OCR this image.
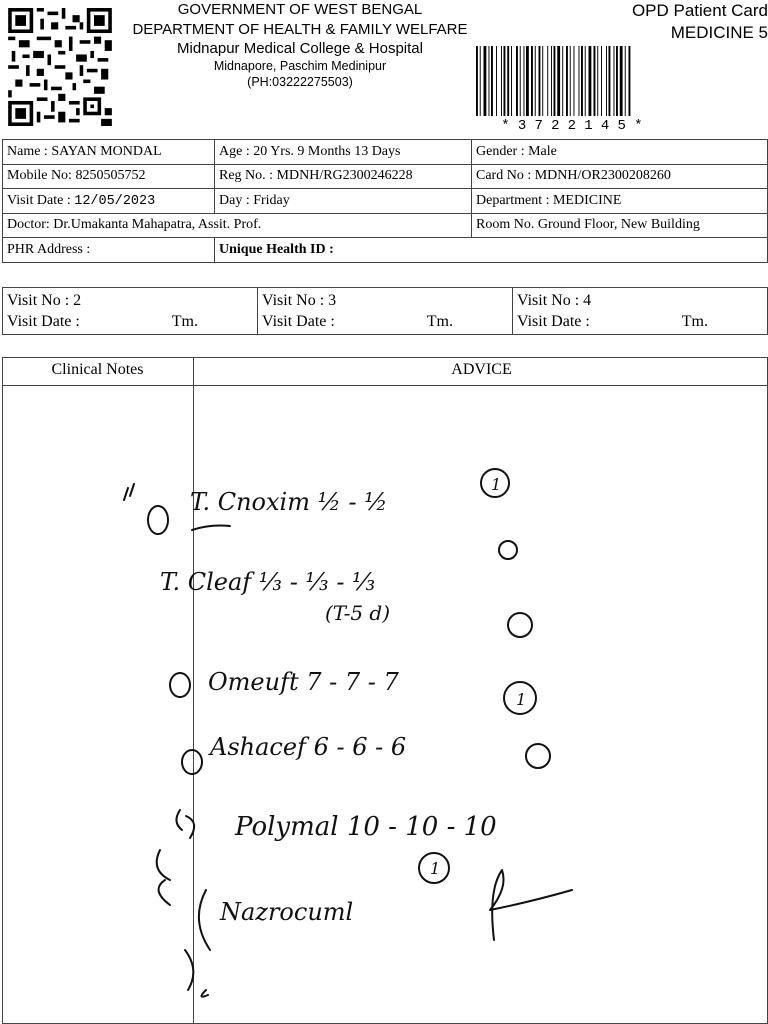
GOVERNMENT OF WEST BENGAL
DEPARTMENT OF HEALTH & FAMILY WELFARE
Midnapur Medical College & Hospital
Midnapore, Paschim Medinipur
(PH:03222275503)
OPD Patient Card
MEDICINE 5
*3722145*
Name : SAYAN MONDAL	Age : 20 Yrs. 9 Months 13 Days	Gender : Male
Mobile No: 8250505752	Reg No. : MDNH/RG2300246228	Card No : MDNH/OR2300208260
Visit Date : 12/05/2023	Day : Friday	Department : MEDICINE
Doctor: Dr.Umakanta Mahapatra, Assit. Prof.		Room No. Ground Floor, New Building
PHR Address :	Unique Health ID :	
Visit No : 2
Visit Date :	Tm.

Visit No : 3
Visit Date :	Tm.

Visit No : 4
Visit Date :	Tm.
Clinical Notes	ADVICE
T. Cnoxim ½ - ½
1
T. Cleaf ⅓ - ⅓ - ⅓
(T-5 d)
Omeuft 7 - 7 - 7
Ashacef 6 - 6 - 6
1
Polymal 10 - 10 - 10
Nazrocuml
1
